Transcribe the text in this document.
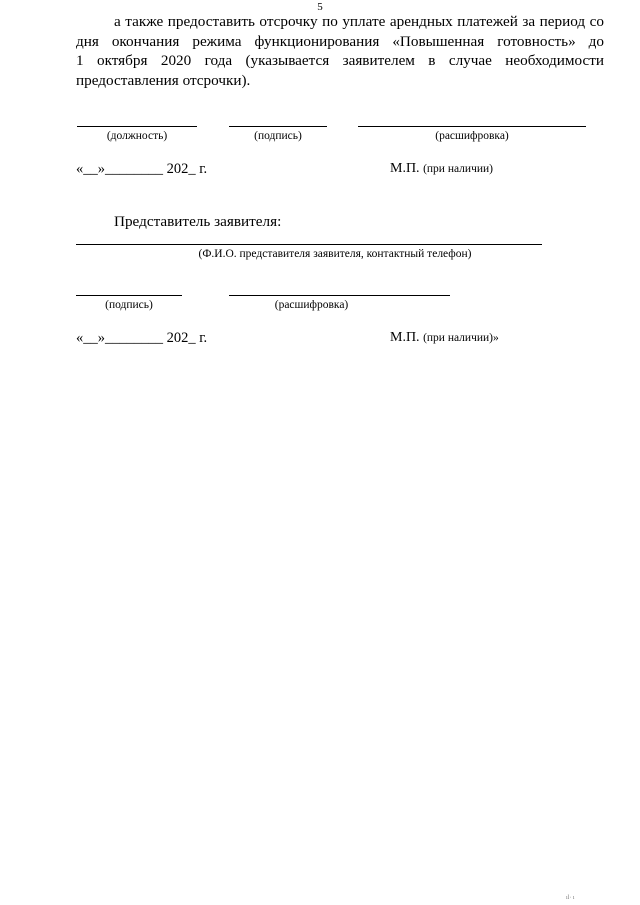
5
а также предоставить отсрочку по уплате арендных платежей за период со
дня окончания режима функционирования «Повышенная готовность» до
1 октября 2020 года (указывается заявителем в случае необходимости
предоставления отсрочки).
(должность)	(подпись)	(расшифровка)
«__»________ 202_ г.	М.П. (при наличии)
Представитель заявителя:
(Ф.И.О. представителя заявителя, контактный телефон)
(подпись)	(расшифровка)
«__»________ 202_ г.	М.П. (при наличии)»
ıl· ı
